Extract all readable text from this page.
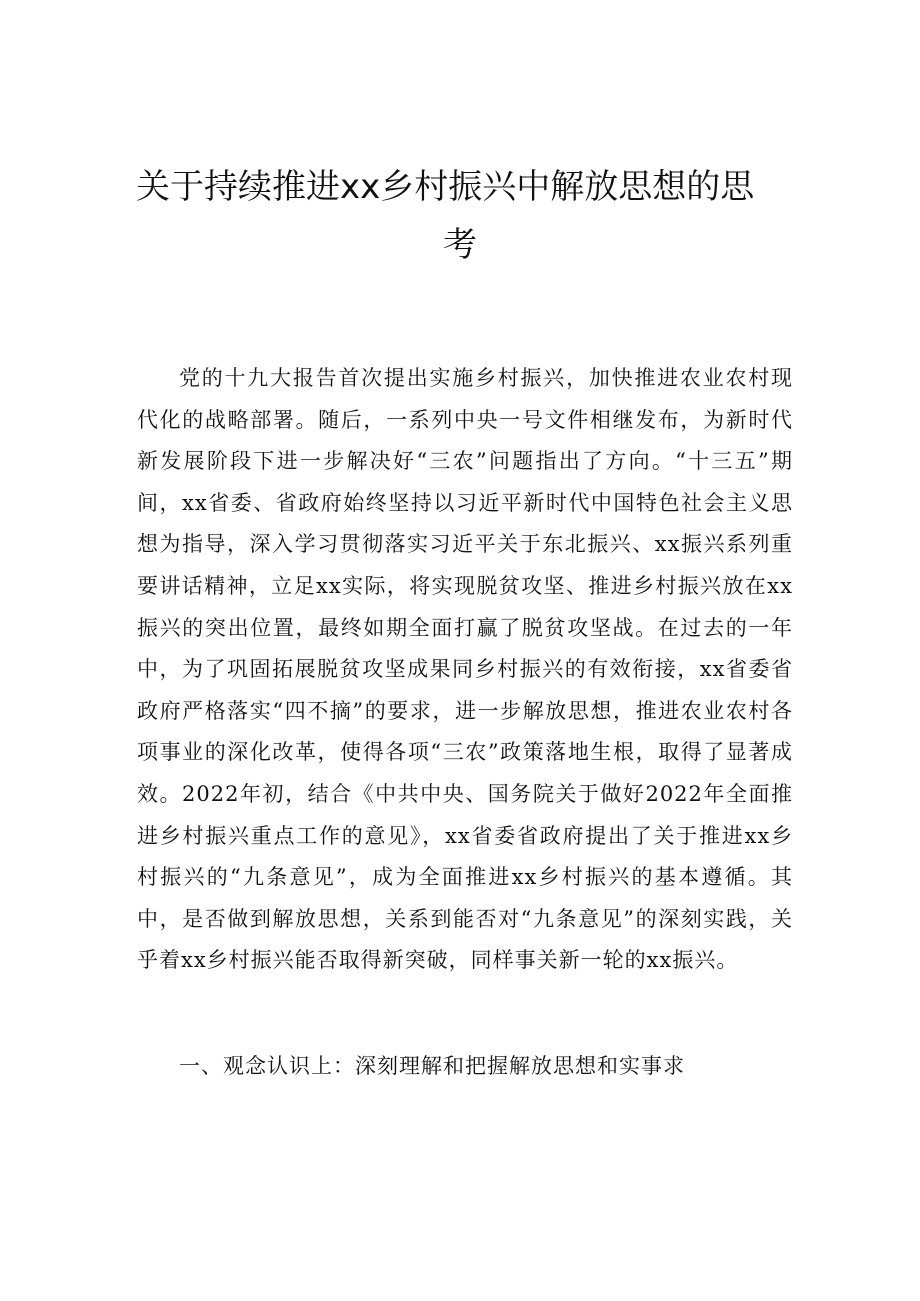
关于持续推进xx乡村振兴中解放思想的思
考

党的十九大报告首次提出实施乡村振兴，加快推进农业农村现代化的战略部署。随后，一系列中央一号文件相继发布，为新时代新发展阶段下进一步解决好“三农”问题指出了方向。“十三五”期间，xx省委、省政府始终坚持以习近平新时代中国特色社会主义思想为指导，深入学习贯彻落实习近平关于东北振兴、xx振兴系列重要讲话精神，立足xx实际，将实现脱贫攻坚、推进乡村振兴放在xx振兴的突出位置，最终如期全面打赢了脱贫攻坚战。在过去的一年中，为了巩固拓展脱贫攻坚成果同乡村振兴的有效衔接，xx省委省政府严格落实“四不摘”的要求，进一步解放思想，推进农业农村各项事业的深化改革，使得各项“三农”政策落地生根，取得了显著成效。2022年初，结合《中共中央、国务院关于做好2022年全面推进乡村振兴重点工作的意见》，xx省委省政府提出了关于推进xx乡村振兴的“九条意见”，成为全面推进xx乡村振兴的基本遵循。其中，是否做到解放思想，关系到能否对“九条意见”的深刻实践，关乎着xx乡村振兴能否取得新突破，同样事关新一轮的xx振兴。

一、观念认识上：深刻理解和把握解放思想和实事求
